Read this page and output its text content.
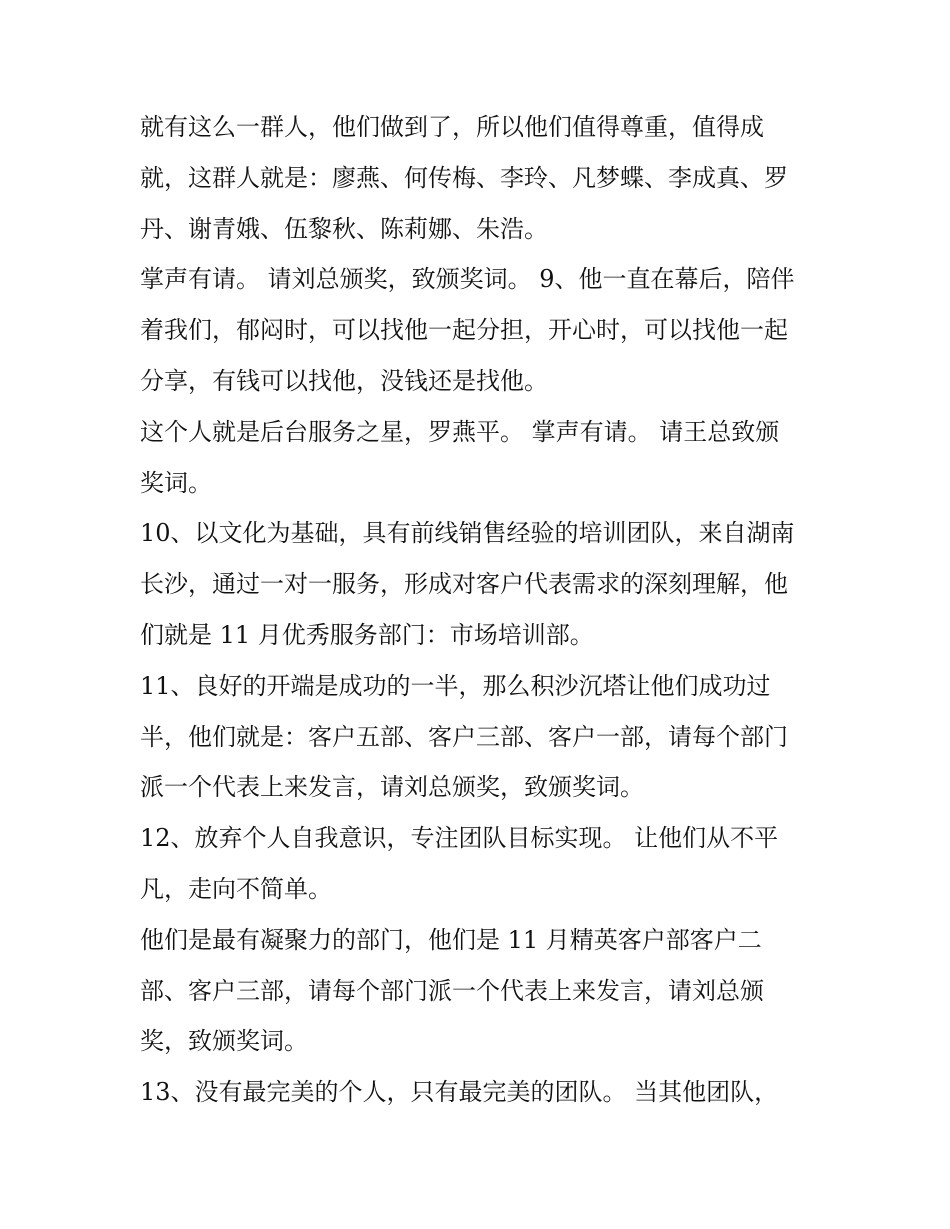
就有这么一群人，他们做到了，所以他们值得尊重，值得成
就，这群人就是：廖燕、何传梅、李玲、凡梦蝶、李成真、罗
丹、谢青娥、伍黎秋、陈莉娜、朱浩。
掌声有请。 请刘总颁奖，致颁奖词。 9、他一直在幕后，陪伴
着我们，郁闷时，可以找他一起分担，开心时，可以找他一起
分享，有钱可以找他，没钱还是找他。
这个人就是后台服务之星，罗燕平。 掌声有请。 请王总致颁
奖词。
10、以文化为基础，具有前线销售经验的培训团队，来自湖南
长沙，通过一对一服务，形成对客户代表需求的深刻理解，他
们就是 11 月优秀服务部门：市场培训部。
11、良好的开端是成功的一半，那么积沙沉塔让他们成功过
半，他们就是：客户五部、客户三部、客户一部，请每个部门
派一个代表上来发言，请刘总颁奖，致颁奖词。
12、放弃个人自我意识，专注团队目标实现。 让他们从不平
凡，走向不简单。
他们是最有凝聚力的部门，他们是 11 月精英客户部客户二
部、客户三部，请每个部门派一个代表上来发言，请刘总颁
奖，致颁奖词。
13、没有最完美的个人，只有最完美的团队。 当其他团队，
